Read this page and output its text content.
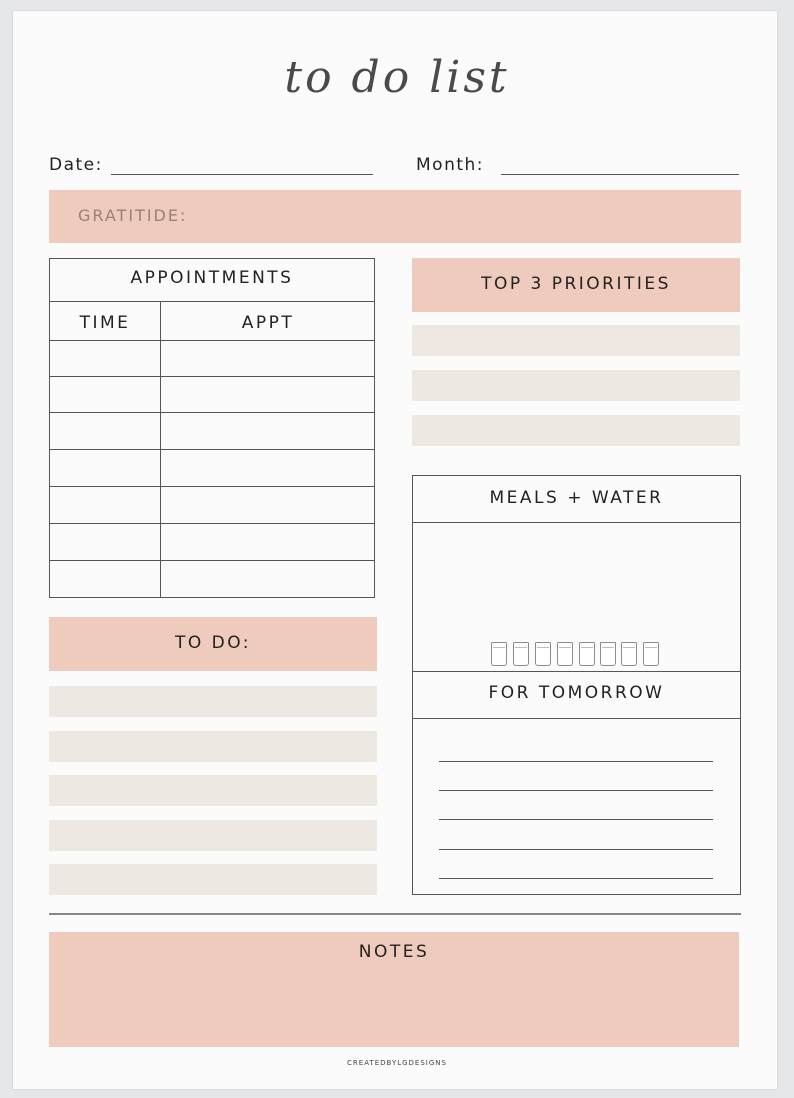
to do list
Date:	Month:
GRATITIDE:
APPOINTMENTS
TIME	APPT
TOP 3 PRIORITIES
TO DO:
MEALS + WATER
FOR TOMORROW
NOTES
CREATEDBYLGDESIGNS
